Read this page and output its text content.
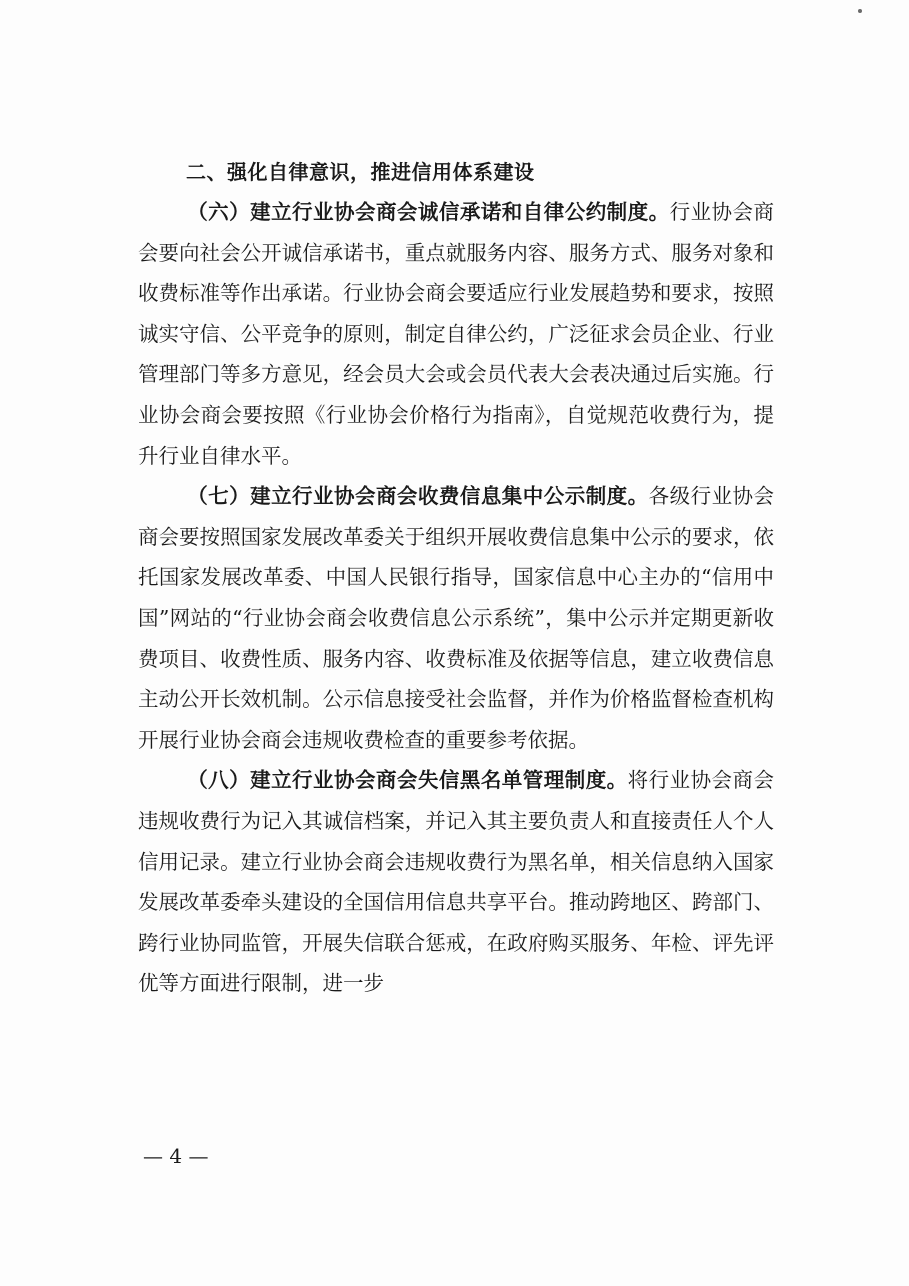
二、强化自律意识，推进信用体系建设

（六）建立行业协会商会诚信承诺和自律公约制度。行业协会商会要向社会公开诚信承诺书，重点就服务内容、服务方式、服务对象和收费标准等作出承诺。行业协会商会要适应行业发展趋势和要求，按照诚实守信、公平竞争的原则，制定自律公约，广泛征求会员企业、行业管理部门等多方意见，经会员大会或会员代表大会表决通过后实施。行业协会商会要按照《行业协会价格行为指南》，自觉规范收费行为，提升行业自律水平。

（七）建立行业协会商会收费信息集中公示制度。各级行业协会商会要按照国家发展改革委关于组织开展收费信息集中公示的要求，依托国家发展改革委、中国人民银行指导，国家信息中心主办的“信用中国”网站的“行业协会商会收费信息公示系统”，集中公示并定期更新收费项目、收费性质、服务内容、收费标准及依据等信息，建立收费信息主动公开长效机制。公示信息接受社会监督，并作为价格监督检查机构开展行业协会商会违规收费检查的重要参考依据。

（八）建立行业协会商会失信黑名单管理制度。将行业协会商会违规收费行为记入其诚信档案，并记入其主要负责人和直接责任人个人信用记录。建立行业协会商会违规收费行为黑名单，相关信息纳入国家发展改革委牵头建设的全国信用信息共享平台。推动跨地区、跨部门、跨行业协同监管，开展失信联合惩戒，在政府购买服务、年检、评先评优等方面进行限制，进一步

— 4 —
